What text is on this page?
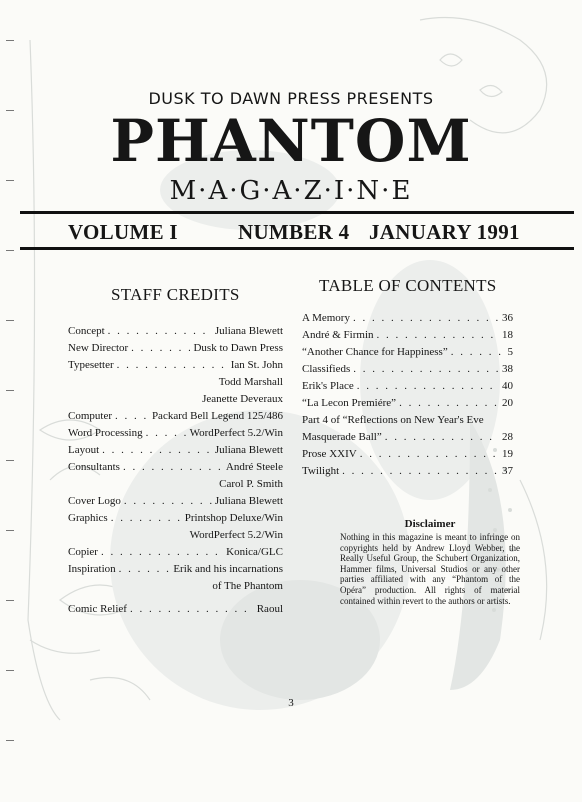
DUSK TO DAWN PRESS PRESENTS
PHANTOM
M·A·G·A·Z·I·N·E
VOLUME I	NUMBER 4 JANUARY 1991
STAFF CREDITS
Concept . . .	Juliana Blewett
New Director . . .	Dusk to Dawn Press
Typesetter . . .	Ian St. John
Todd Marshall
Jeanette Deveraux
Computer . . .	Packard Bell Legend 125/486
Word Processing . . .	WordPerfect 5.2/Win
Layout . . .	Juliana Blewett
Consultants . . .	André Steele
Carol P. Smith
Cover Logo . . .	Juliana Blewett
Graphics . . .	Printshop Deluxe/Win
WordPerfect 5.2/Win
Copier . . .	Konica/GLC
Inspiration . . .	Erik and his incarnations
of The Phantom
Comic Relief . . .	Raoul
TABLE OF CONTENTS
A Memory . . .	36
André & Firmin . . .	18
“Another Chance for Happiness” . . .	5
Classifieds . . .	38
Erik's Place . . .	40
“La Lecon Premiére” . . .	20
Part 4 of “Reflections on New Year's Eve
Masquerade Ball” . . .	28
Prose XXIV . . .	19
Twilight . . .	37
Disclaimer
Nothing in this magazine is meant to infringe on copyrights held by Andrew Lloyd Webber, the Really Useful Group, the Schubert Organization, Hammer films, Universal Studios or any other parties affiliated with any “Phantom of the Opéra” production. All rights of material contained within revert to the authors or artists.
3
